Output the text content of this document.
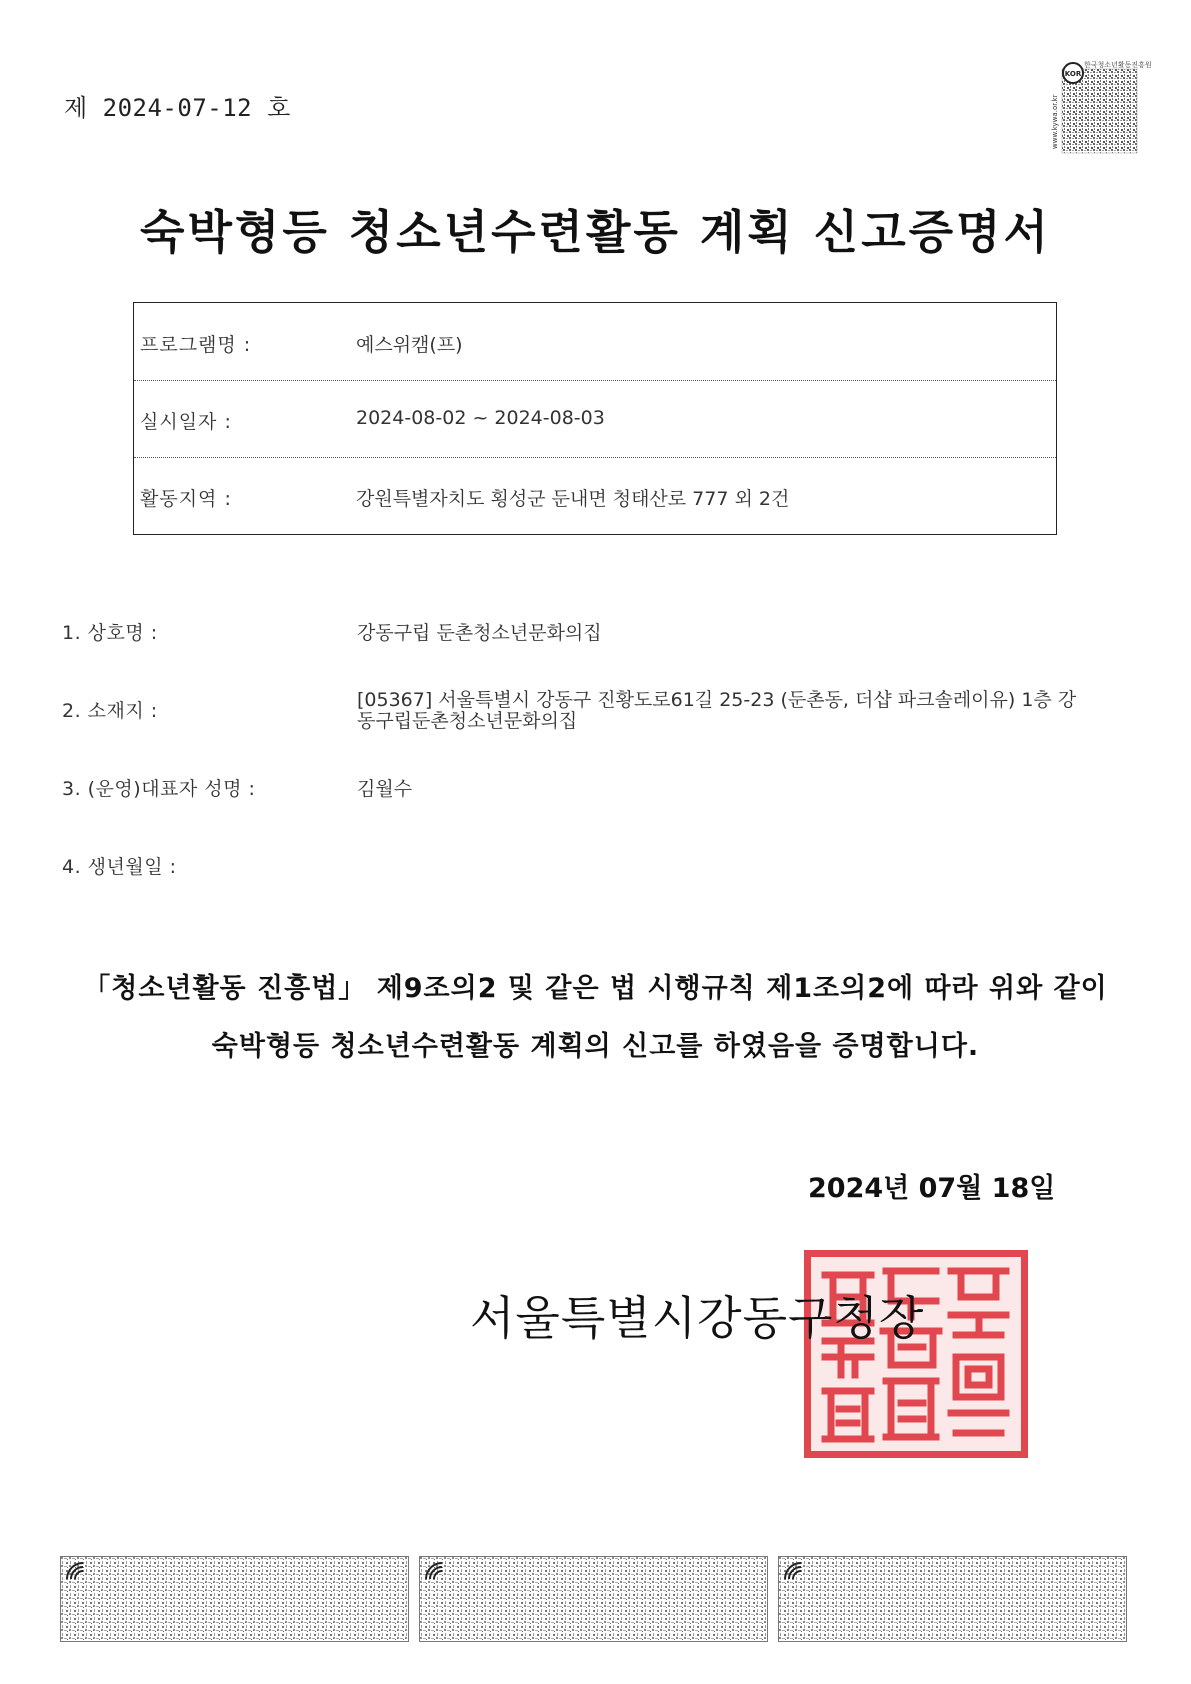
제 2024-07-12 호	www.kywa.or.kr
KOR
한국청소년활동진흥원
숙박형등 청소년수련활동 계획 신고증명서
프로그램명 :	예스위캠(프)
실시일자 :	2024-08-02 ~ 2024-08-03
활동지역 :	강원특별자치도 횡성군 둔내면 청태산로 777 외 2건
1. 상호명 :	강동구립 둔촌청소년문화의집
2. 소재지 :	[05367] 서울특별시 강동구 진황도로61길 25-23 (둔촌동, 더샵 파크솔레이유) 1층 강
동구립둔촌청소년문화의집
3. (운영)대표자 성명 :	김월수
4. 생년월일 :
「청소년활동 진흥법」 제9조의2 및 같은 법 시행규칙 제1조의2에 따라 위와 같이
숙박형등 청소년수련활동 계획의 신고를 하였음을 증명합니다.
2024년 07월 18일
서울특별시강동구청장
